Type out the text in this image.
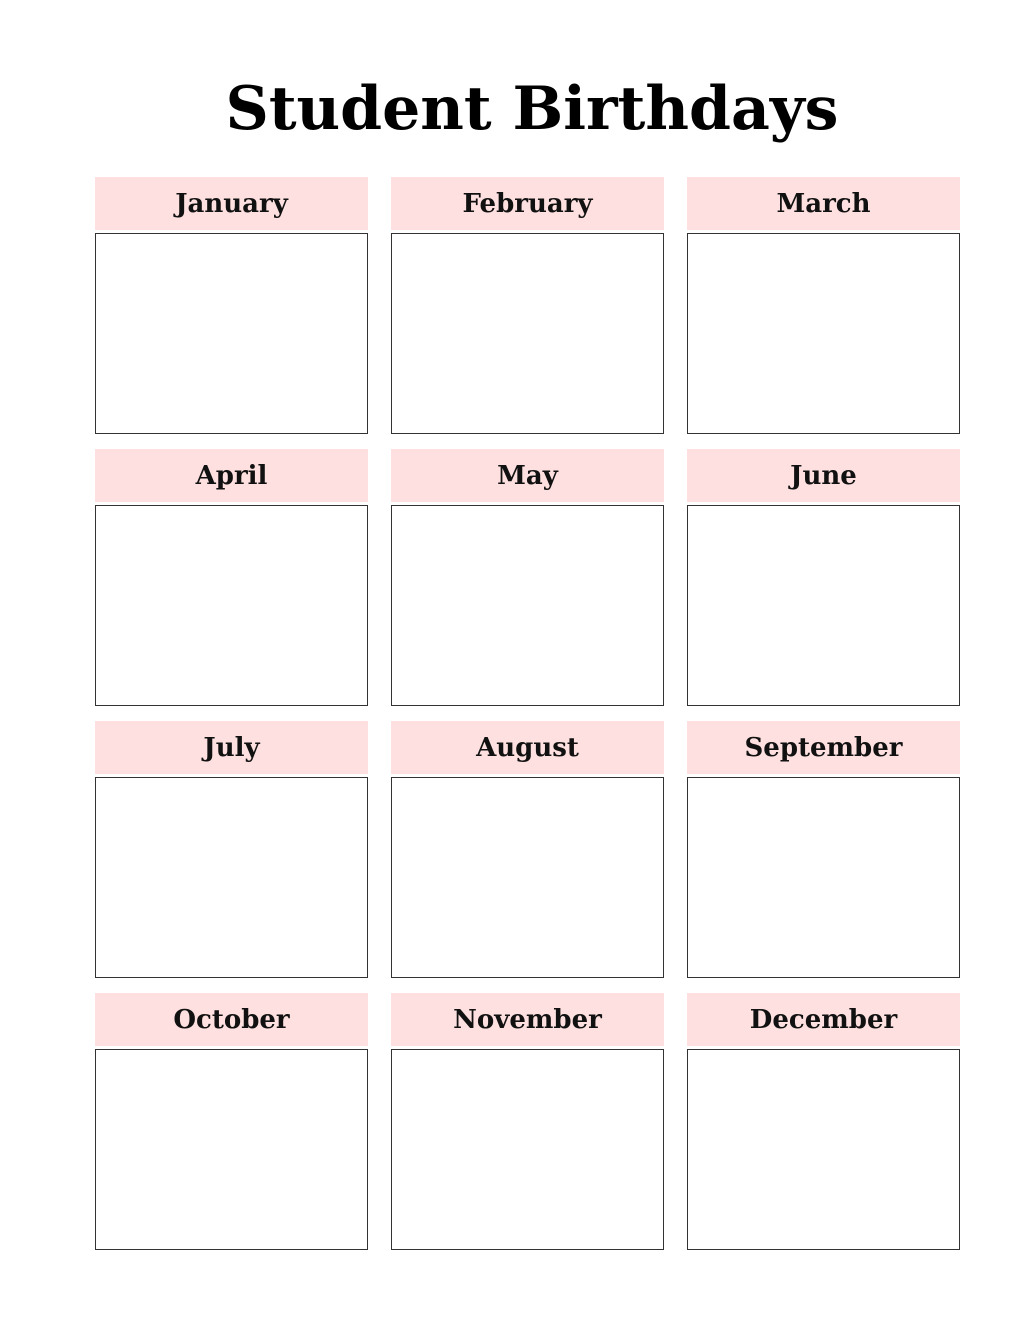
Student Birthdays
January	February	March
April	May	June
July	August	September
October	November	December
